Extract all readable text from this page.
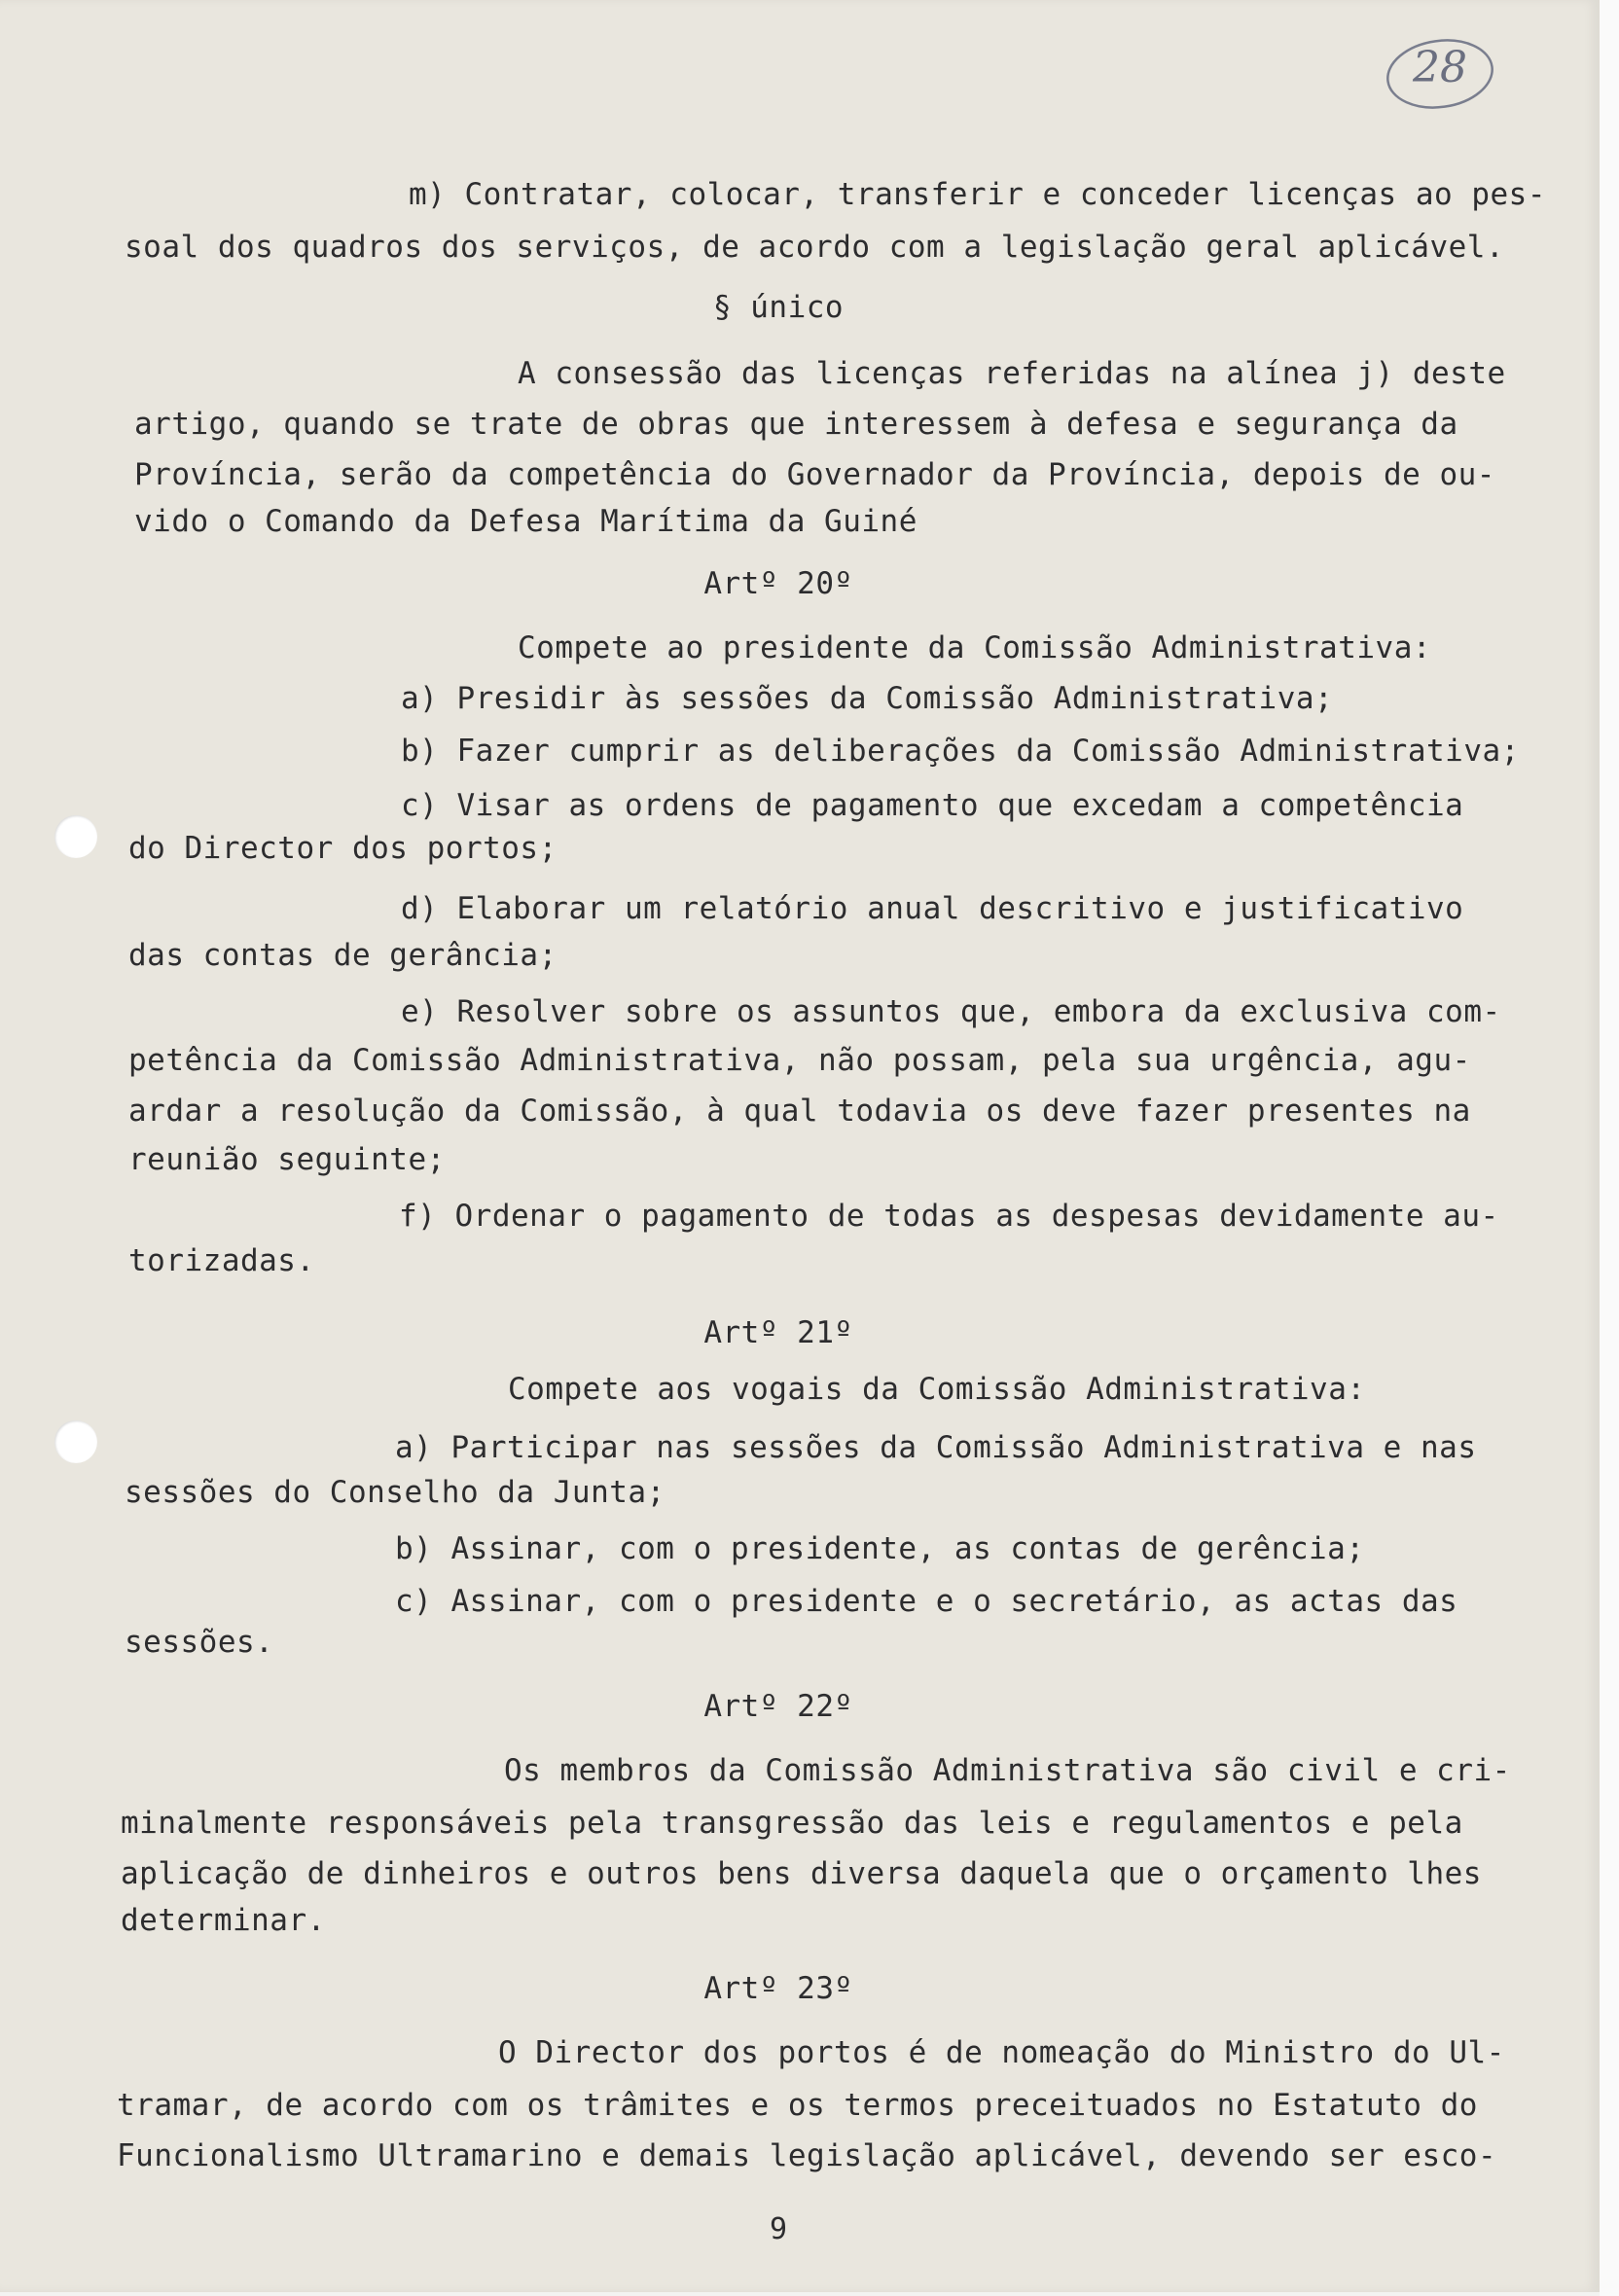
28

m) Contratar, colocar, transferir e conceder licenças ao pes-

soal dos quadros dos serviços, de acordo com a legislação geral aplicável.

§ único

A consessão das licenças referidas na alínea j) deste

artigo, quando se trate de obras que interessem à defesa e segurança da

Província, serão da competência do Governador da Província, depois de ou-

vido o Comando da Defesa Marítima da Guiné

Artº 20º

Compete ao presidente da Comissão Administrativa:

a) Presidir às sessões da Comissão Administrativa;

b) Fazer cumprir as deliberações da Comissão Administrativa;

c) Visar as ordens de pagamento que excedam a competência

do Director dos portos;

d) Elaborar um relatório anual descritivo e justificativo

das contas de gerância;

e) Resolver sobre os assuntos que, embora da exclusiva com-

petência da Comissão Administrativa, não possam, pela sua urgência, agu-

ardar a resolução da Comissão, à qual todavia os deve fazer presentes na

reunião seguinte;

f) Ordenar o pagamento de todas as despesas devidamente au-

torizadas.

Artº 21º

Compete aos vogais da Comissão Administrativa:

a) Participar nas sessões da Comissão Administrativa e nas

sessões do Conselho da Junta;

b) Assinar, com o presidente, as contas de gerência;

c) Assinar, com o presidente e o secretário, as actas das

sessões.

Artº 22º

Os membros da Comissão Administrativa são civil e cri-

minalmente responsáveis pela transgressão das leis e regulamentos e pela

aplicação de dinheiros e outros bens diversa daquela que o orçamento lhes

determinar.

Artº 23º

O Director dos portos é de nomeação do Ministro do Ul-

tramar, de acordo com os trâmites e os termos preceituados no Estatuto do

Funcionalismo Ultramarino e demais legislação aplicável, devendo ser esco-

9
